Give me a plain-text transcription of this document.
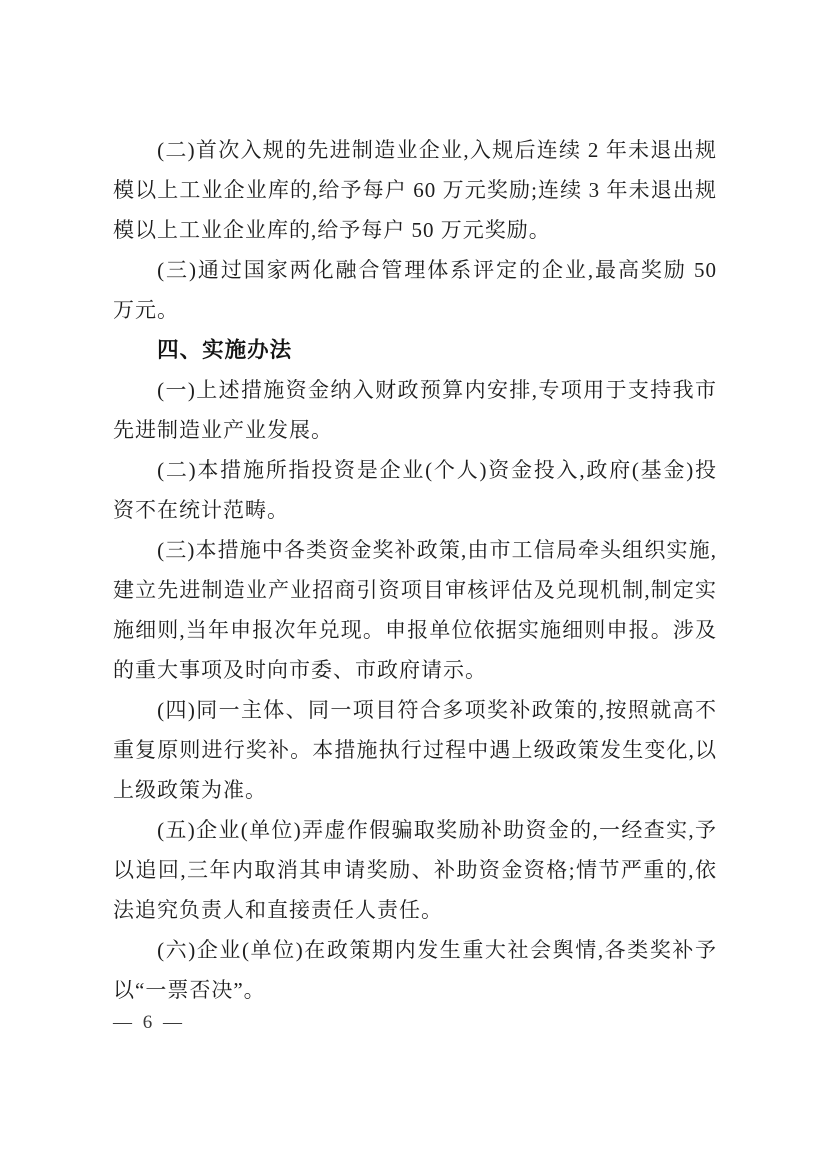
(二)首次入规的先进制造业企业,入规后连续 2 年未退出规模以上工业企业库的,给予每户 60 万元奖励;连续 3 年未退出规模以上工业企业库的,给予每户 50 万元奖励。

(三)通过国家两化融合管理体系评定的企业,最高奖励 50 万元。

四、实施办法

(一)上述措施资金纳入财政预算内安排,专项用于支持我市先进制造业产业发展。

(二)本措施所指投资是企业(个人)资金投入,政府(基金)投资不在统计范畴。

(三)本措施中各类资金奖补政策,由市工信局牵头组织实施,建立先进制造业产业招商引资项目审核评估及兑现机制,制定实施细则,当年申报次年兑现。申报单位依据实施细则申报。涉及的重大事项及时向市委、市政府请示。

(四)同一主体、同一项目符合多项奖补政策的,按照就高不重复原则进行奖补。本措施执行过程中遇上级政策发生变化,以上级政策为准。

(五)企业(单位)弄虚作假骗取奖励补助资金的,一经查实,予以追回,三年内取消其申请奖励、补助资金资格;情节严重的,依法追究负责人和直接责任人责任。

(六)企业(单位)在政策期内发生重大社会舆情,各类奖补予以“一票否决”。

— 6 —
